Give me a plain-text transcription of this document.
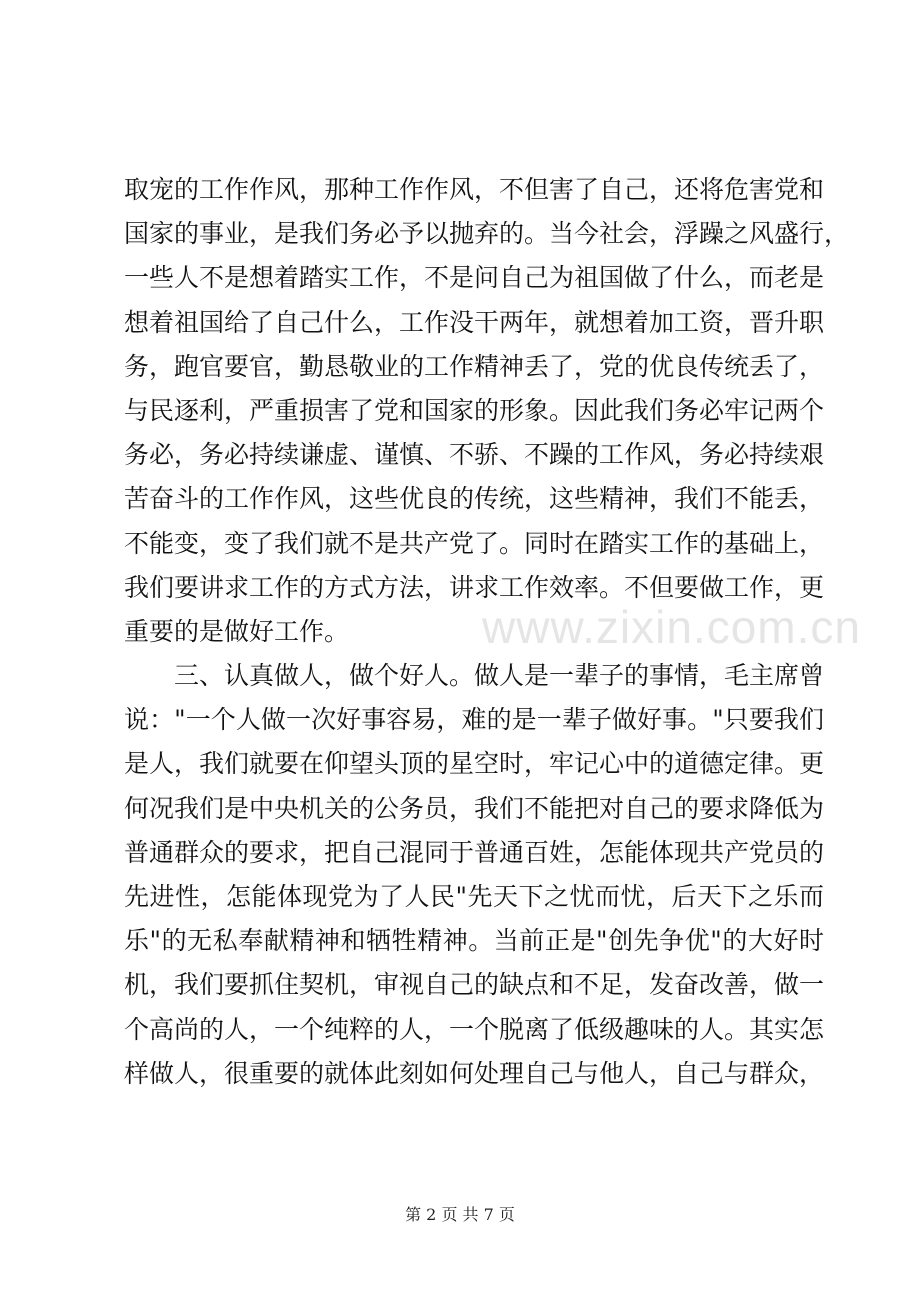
www.zixin.com.cn
取宠的工作作风，那种工作作风，不但害了自己，还将危害党和
国家的事业，是我们务必予以抛弃的。当今社会，浮躁之风盛行，
一些人不是想着踏实工作，不是问自己为祖国做了什么，而老是
想着祖国给了自己什么，工作没干两年，就想着加工资，晋升职
务，跑官要官，勤恳敬业的工作精神丢了，党的优良传统丢了，
与民逐利，严重损害了党和国家的形象。因此我们务必牢记两个
务必，务必持续谦虚、谨慎、不骄、不躁的工作风，务必持续艰
苦奋斗的工作作风，这些优良的传统，这些精神，我们不能丢，
不能变，变了我们就不是共产党了。同时在踏实工作的基础上，
我们要讲求工作的方式方法，讲求工作效率。不但要做工作，更
重要的是做好工作。
三、认真做人，做个好人。做人是一辈子的事情，毛主席曾
说："一个人做一次好事容易，难的是一辈子做好事。"只要我们
是人，我们就要在仰望头顶的星空时，牢记心中的道德定律。更
何况我们是中央机关的公务员，我们不能把对自己的要求降低为
普通群众的要求，把自己混同于普通百姓，怎能体现共产党员的
先进性，怎能体现党为了人民"先天下之忧而忧，后天下之乐而
乐"的无私奉献精神和牺牲精神。当前正是"创先争优"的大好时
机，我们要抓住契机，审视自己的缺点和不足，发奋改善，做一
个高尚的人，一个纯粹的人，一个脱离了低级趣味的人。其实怎
样做人，很重要的就体此刻如何处理自己与他人，自己与群众，
第 2 页 共 7 页
